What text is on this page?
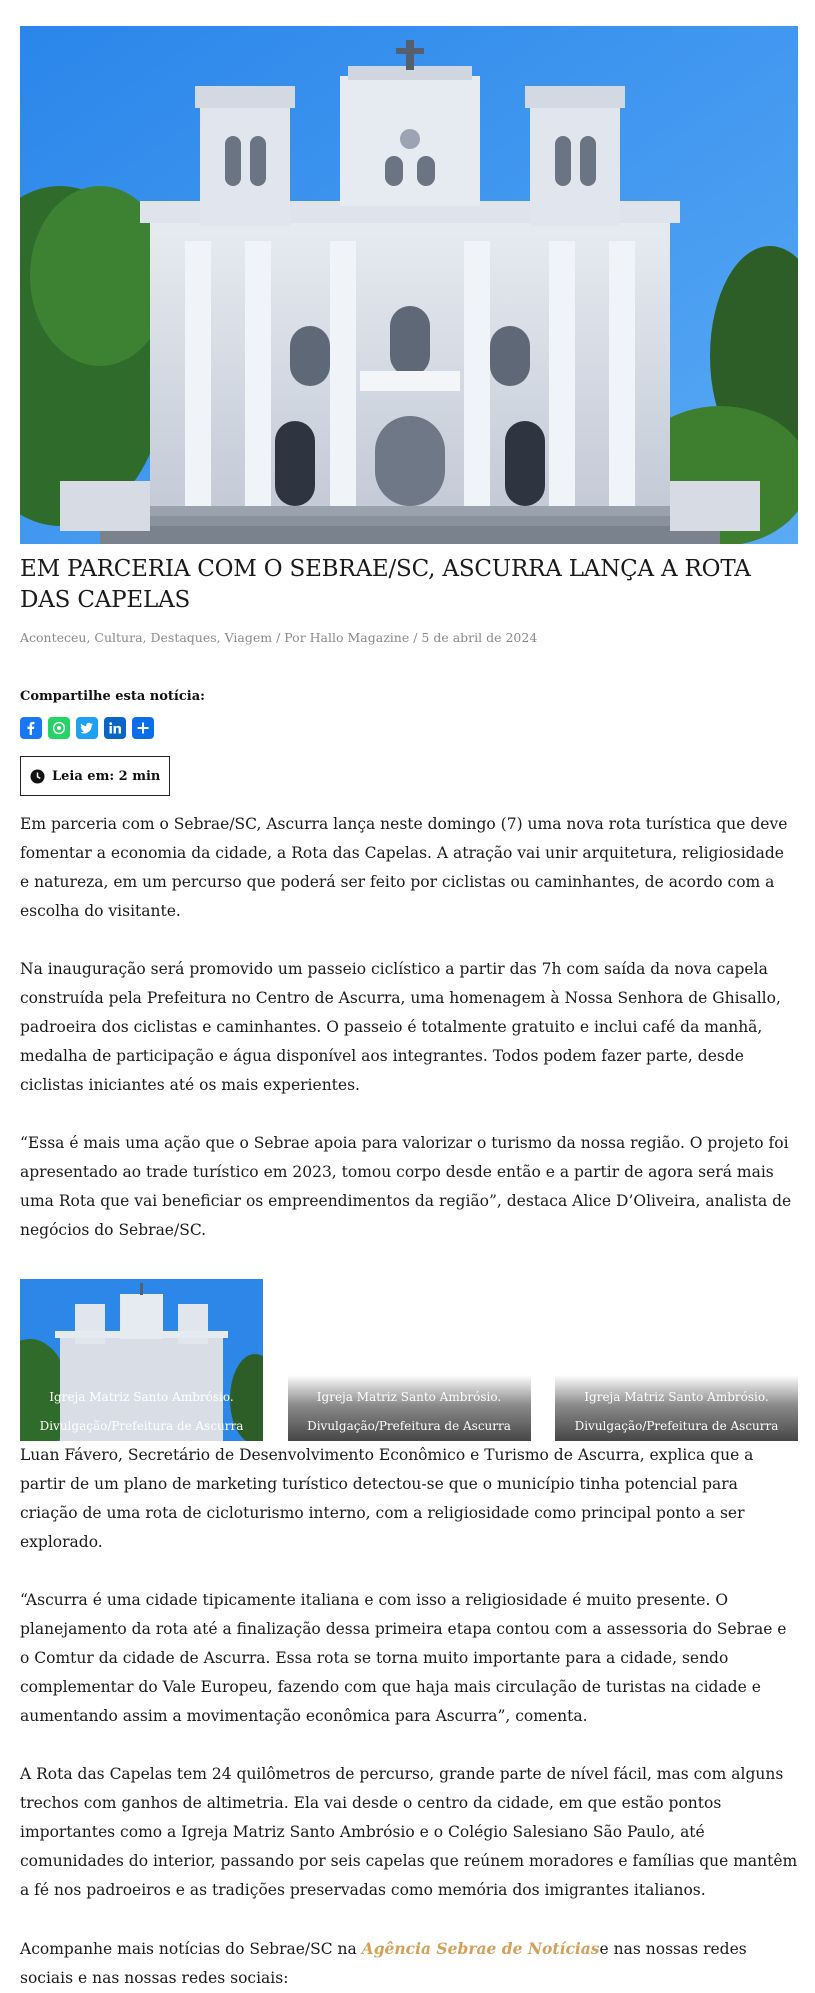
EM PARCERIA COM O SEBRAE/SC, ASCURRA LANÇA A ROTA DAS CAPELAS
Aconteceu, Cultura, Destaques, Viagem / Por Hallo Magazine / 5 de abril de 2024
Compartilhe esta notícia:
Leia em: 2 min

Em parceria com o Sebrae/SC, Ascurra lança neste domingo (7) uma nova rota turística que deve fomentar a economia da cidade, a Rota das Capelas. A atração vai unir arquitetura, religiosidade e natureza, em um percurso que poderá ser feito por ciclistas ou caminhantes, de acordo com a escolha do visitante.

Na inauguração será promovido um passeio ciclístico a partir das 7h com saída da nova capela construída pela Prefeitura no Centro de Ascurra, uma homenagem à Nossa Senhora de Ghisallo, padroeira dos ciclistas e caminhantes. O passeio é totalmente gratuito e inclui café da manhã, medalha de participação e água disponível aos integrantes. Todos podem fazer parte, desde ciclistas iniciantes até os mais experientes.

“Essa é mais uma ação que o Sebrae apoia para valorizar o turismo da nossa região. O projeto foi apresentado ao trade turístico em 2023, tomou corpo desde então e a partir de agora será mais uma Rota que vai beneficiar os empreendimentos da região”, destaca Alice D’Oliveira, analista de negócios do Sebrae/SC.

Igreja Matriz Santo Ambrósio.
Divulgação/Prefeitura de Ascurra
Igreja Matriz Santo Ambrósio.
Divulgação/Prefeitura de Ascurra
Igreja Matriz Santo Ambrósio.
Divulgação/Prefeitura de Ascurra

Luan Fávero, Secretário de Desenvolvimento Econômico e Turismo de Ascurra, explica que a partir de um plano de marketing turístico detectou-se que o município tinha potencial para criação de uma rota de cicloturismo interno, com a religiosidade como principal ponto a ser explorado.

“Ascurra é uma cidade tipicamente italiana e com isso a religiosidade é muito presente. O planejamento da rota até a finalização dessa primeira etapa contou com a assessoria do Sebrae e o Comtur da cidade de Ascurra. Essa rota se torna muito importante para a cidade, sendo complementar do Vale Europeu, fazendo com que haja mais circulação de turistas na cidade e aumentando assim a movimentação econômica para Ascurra”, comenta.

A Rota das Capelas tem 24 quilômetros de percurso, grande parte de nível fácil, mas com alguns trechos com ganhos de altimetria. Ela vai desde o centro da cidade, em que estão pontos importantes como a Igreja Matriz Santo Ambrósio e o Colégio Salesiano São Paulo, até comunidades do interior, passando por seis capelas que reúnem moradores e famílias que mantêm a fé nos padroeiros e as tradições preservadas como memória dos imigrantes italianos.

Acompanhe mais notícias do Sebrae/SC na Agência Sebrae de Notíciase nas nossas redes sociais e nas nossas redes sociais:
